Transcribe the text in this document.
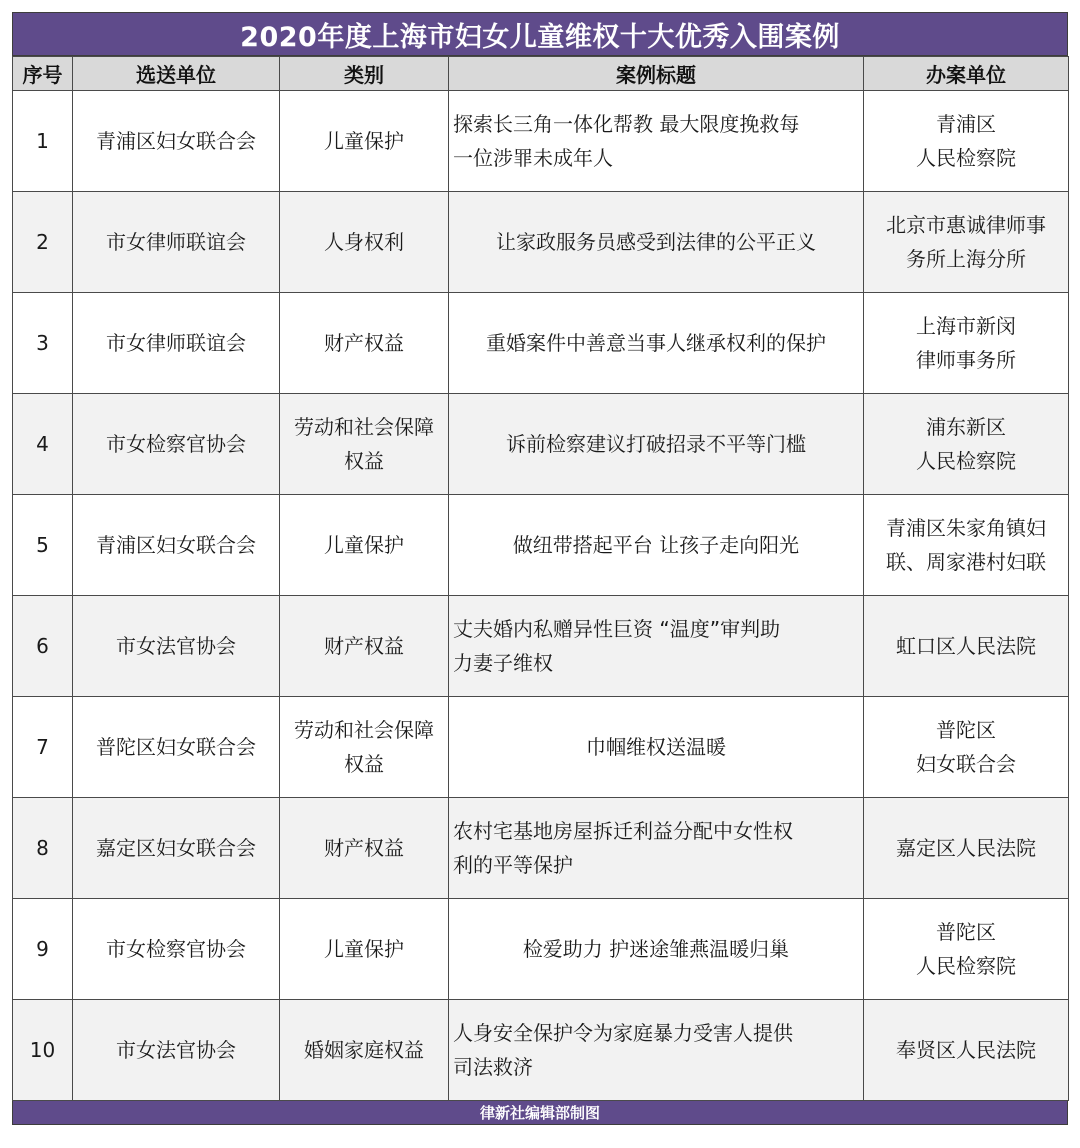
2020年度上海市妇女儿童维权十大优秀入围案例
序号	选送单位	类别	案例标题	办案单位
1	青浦区妇女联合会	儿童保护	探索长三角一体化帮教 最大限度挽救每
一位涉罪未成年人	青浦区
人民检察院

2	市女律师联谊会	人身权利	让家政服务员感受到法律的公平正义	北京市惠诚律师事
务所上海分所

3	市女律师联谊会	财产权益	重婚案件中善意当事人继承权利的保护	上海市新闵
律师事务所

4	市女检察官协会	劳动和社会保障
权益	诉前检察建议打破招录不平等门槛	浦东新区
人民检察院

5	青浦区妇女联合会	儿童保护	做纽带搭起平台 让孩子走向阳光	青浦区朱家角镇妇
联、周家港村妇联

6	市女法官协会	财产权益	丈夫婚内私赠异性巨资 “温度”审判助
力妻子维权	虹口区人民法院

7	普陀区妇女联合会	劳动和社会保障
权益	巾帼维权送温暖	普陀区
妇女联合会

8	嘉定区妇女联合会	财产权益	农村宅基地房屋拆迁利益分配中女性权
利的平等保护	嘉定区人民法院

9	市女检察官协会	儿童保护	检爱助力 护迷途雏燕温暖归巢	普陀区
人民检察院

10	市女法官协会	婚姻家庭权益	人身安全保护令为家庭暴力受害人提供
司法救济	奉贤区人民法院
律新社编辑部制图
